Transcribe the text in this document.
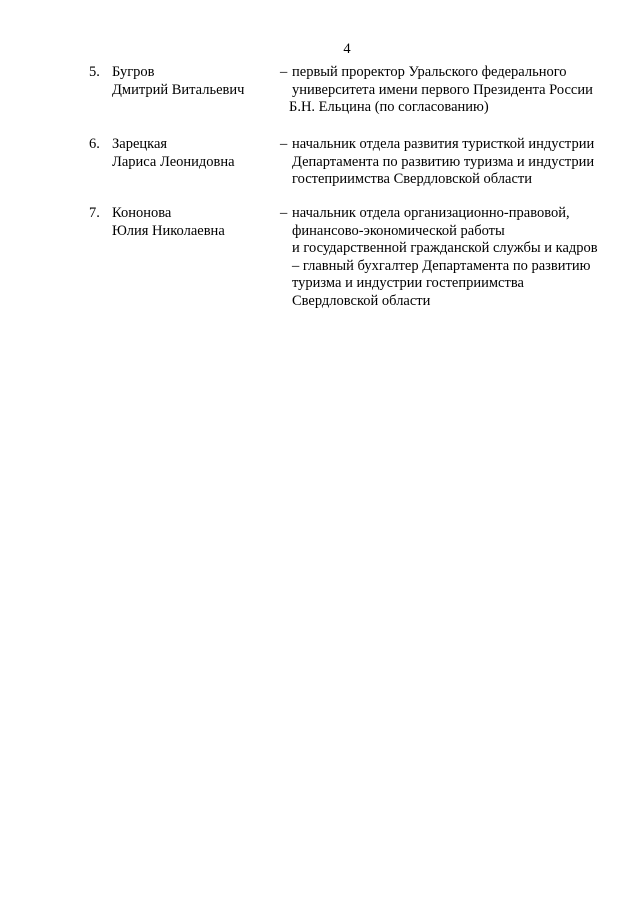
4
5. Бугров
Дмитрий Витальевич
– первый проректор Уральского федерального
университета имени первого Президента России
Б.Н. Ельцина (по согласованию)
6. Зарецкая
Лариса Леонидовна
– начальник отдела развития туристкой индустрии
Департамента по развитию туризма и индустрии
гостеприимства Свердловской области
7. Кононова
Юлия Николаевна
– начальник отдела организационно-правовой,
финансово-экономической работы
и государственной гражданской службы и кадров
– главный бухгалтер Департамента по развитию
туризма и индустрии гостеприимства
Свердловской области
